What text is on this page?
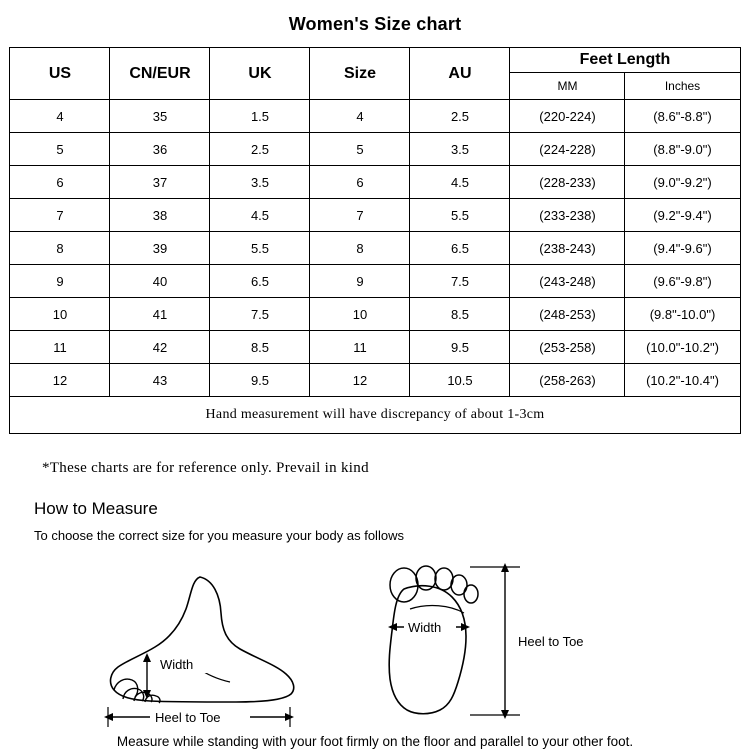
Women's Size chart
US	CN/EUR	UK	Size	AU	Feet Length	
					MM	Inches
4	35	1.5	4	2.5	(220-224)	(8.6"-8.8")
5	36	2.5	5	3.5	(224-228)	(8.8"-9.0")
6	37	3.5	6	4.5	(228-233)	(9.0"-9.2")
7	38	4.5	7	5.5	(233-238)	(9.2"-9.4")
8	39	5.5	8	6.5	(238-243)	(9.4"-9.6")
9	40	6.5	9	7.5	(243-248)	(9.6"-9.8")
10	41	7.5	10	8.5	(248-253)	(9.8"-10.0")
11	42	8.5	11	9.5	(253-258)	(10.0"-10.2")
12	43	9.5	12	10.5	(258-263)	(10.2"-10.4")
Hand measurement will have discrepancy of about 1-3cm						
*These charts are for reference only. Prevail in kind
How to Measure
To choose the correct size for you measure your body as follows
Width
Heel to Toe
Width
Heel to Toe
Measure while standing with your foot firmly on the floor and parallel to your other foot.
